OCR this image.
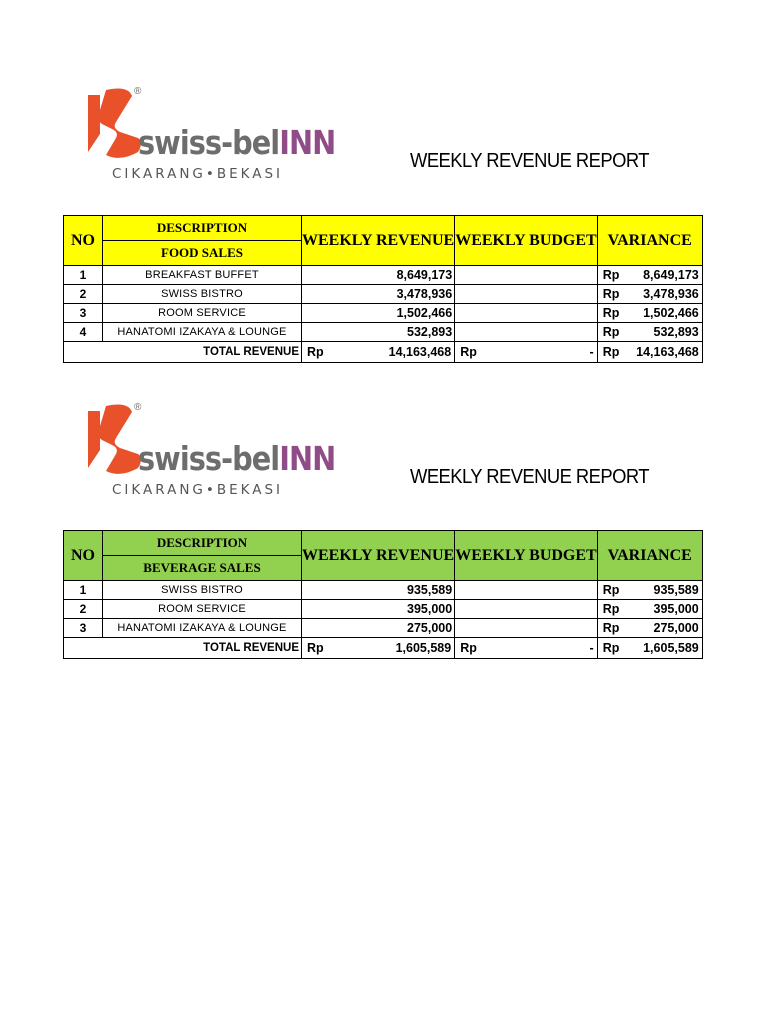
®
swiss-belINN
CIKARANG•BEKASI
WEEKLY REVENUE REPORT
NO	DESCRIPTION	WEEKLY REVENUE	WEEKLY BUDGET	VARIANCE
	FOOD SALES			
1	BREAKFAST BUFFET	8,649,173		Rp 8,649,173

2	SWISS BISTRO	3,478,936		Rp 3,478,936

3	ROOM SERVICE	1,502,466		Rp 1,502,466

4	HANATOMI IZAKAYA & LOUNGE	532,893		Rp 532,893

TOTAL REVENUE		Rp 14,163,468	Rp -	Rp 14,163,468
®
swiss-belINN
CIKARANG•BEKASI
WEEKLY REVENUE REPORT
NO	DESCRIPTION	WEEKLY REVENUE	WEEKLY BUDGET	VARIANCE
	BEVERAGE SALES			
1	SWISS BISTRO	935,589		Rp 935,589

2	ROOM SERVICE	395,000		Rp 395,000

3	HANATOMI IZAKAYA & LOUNGE	275,000		Rp 275,000

TOTAL REVENUE		Rp 1,605,589	Rp -	Rp 1,605,589
